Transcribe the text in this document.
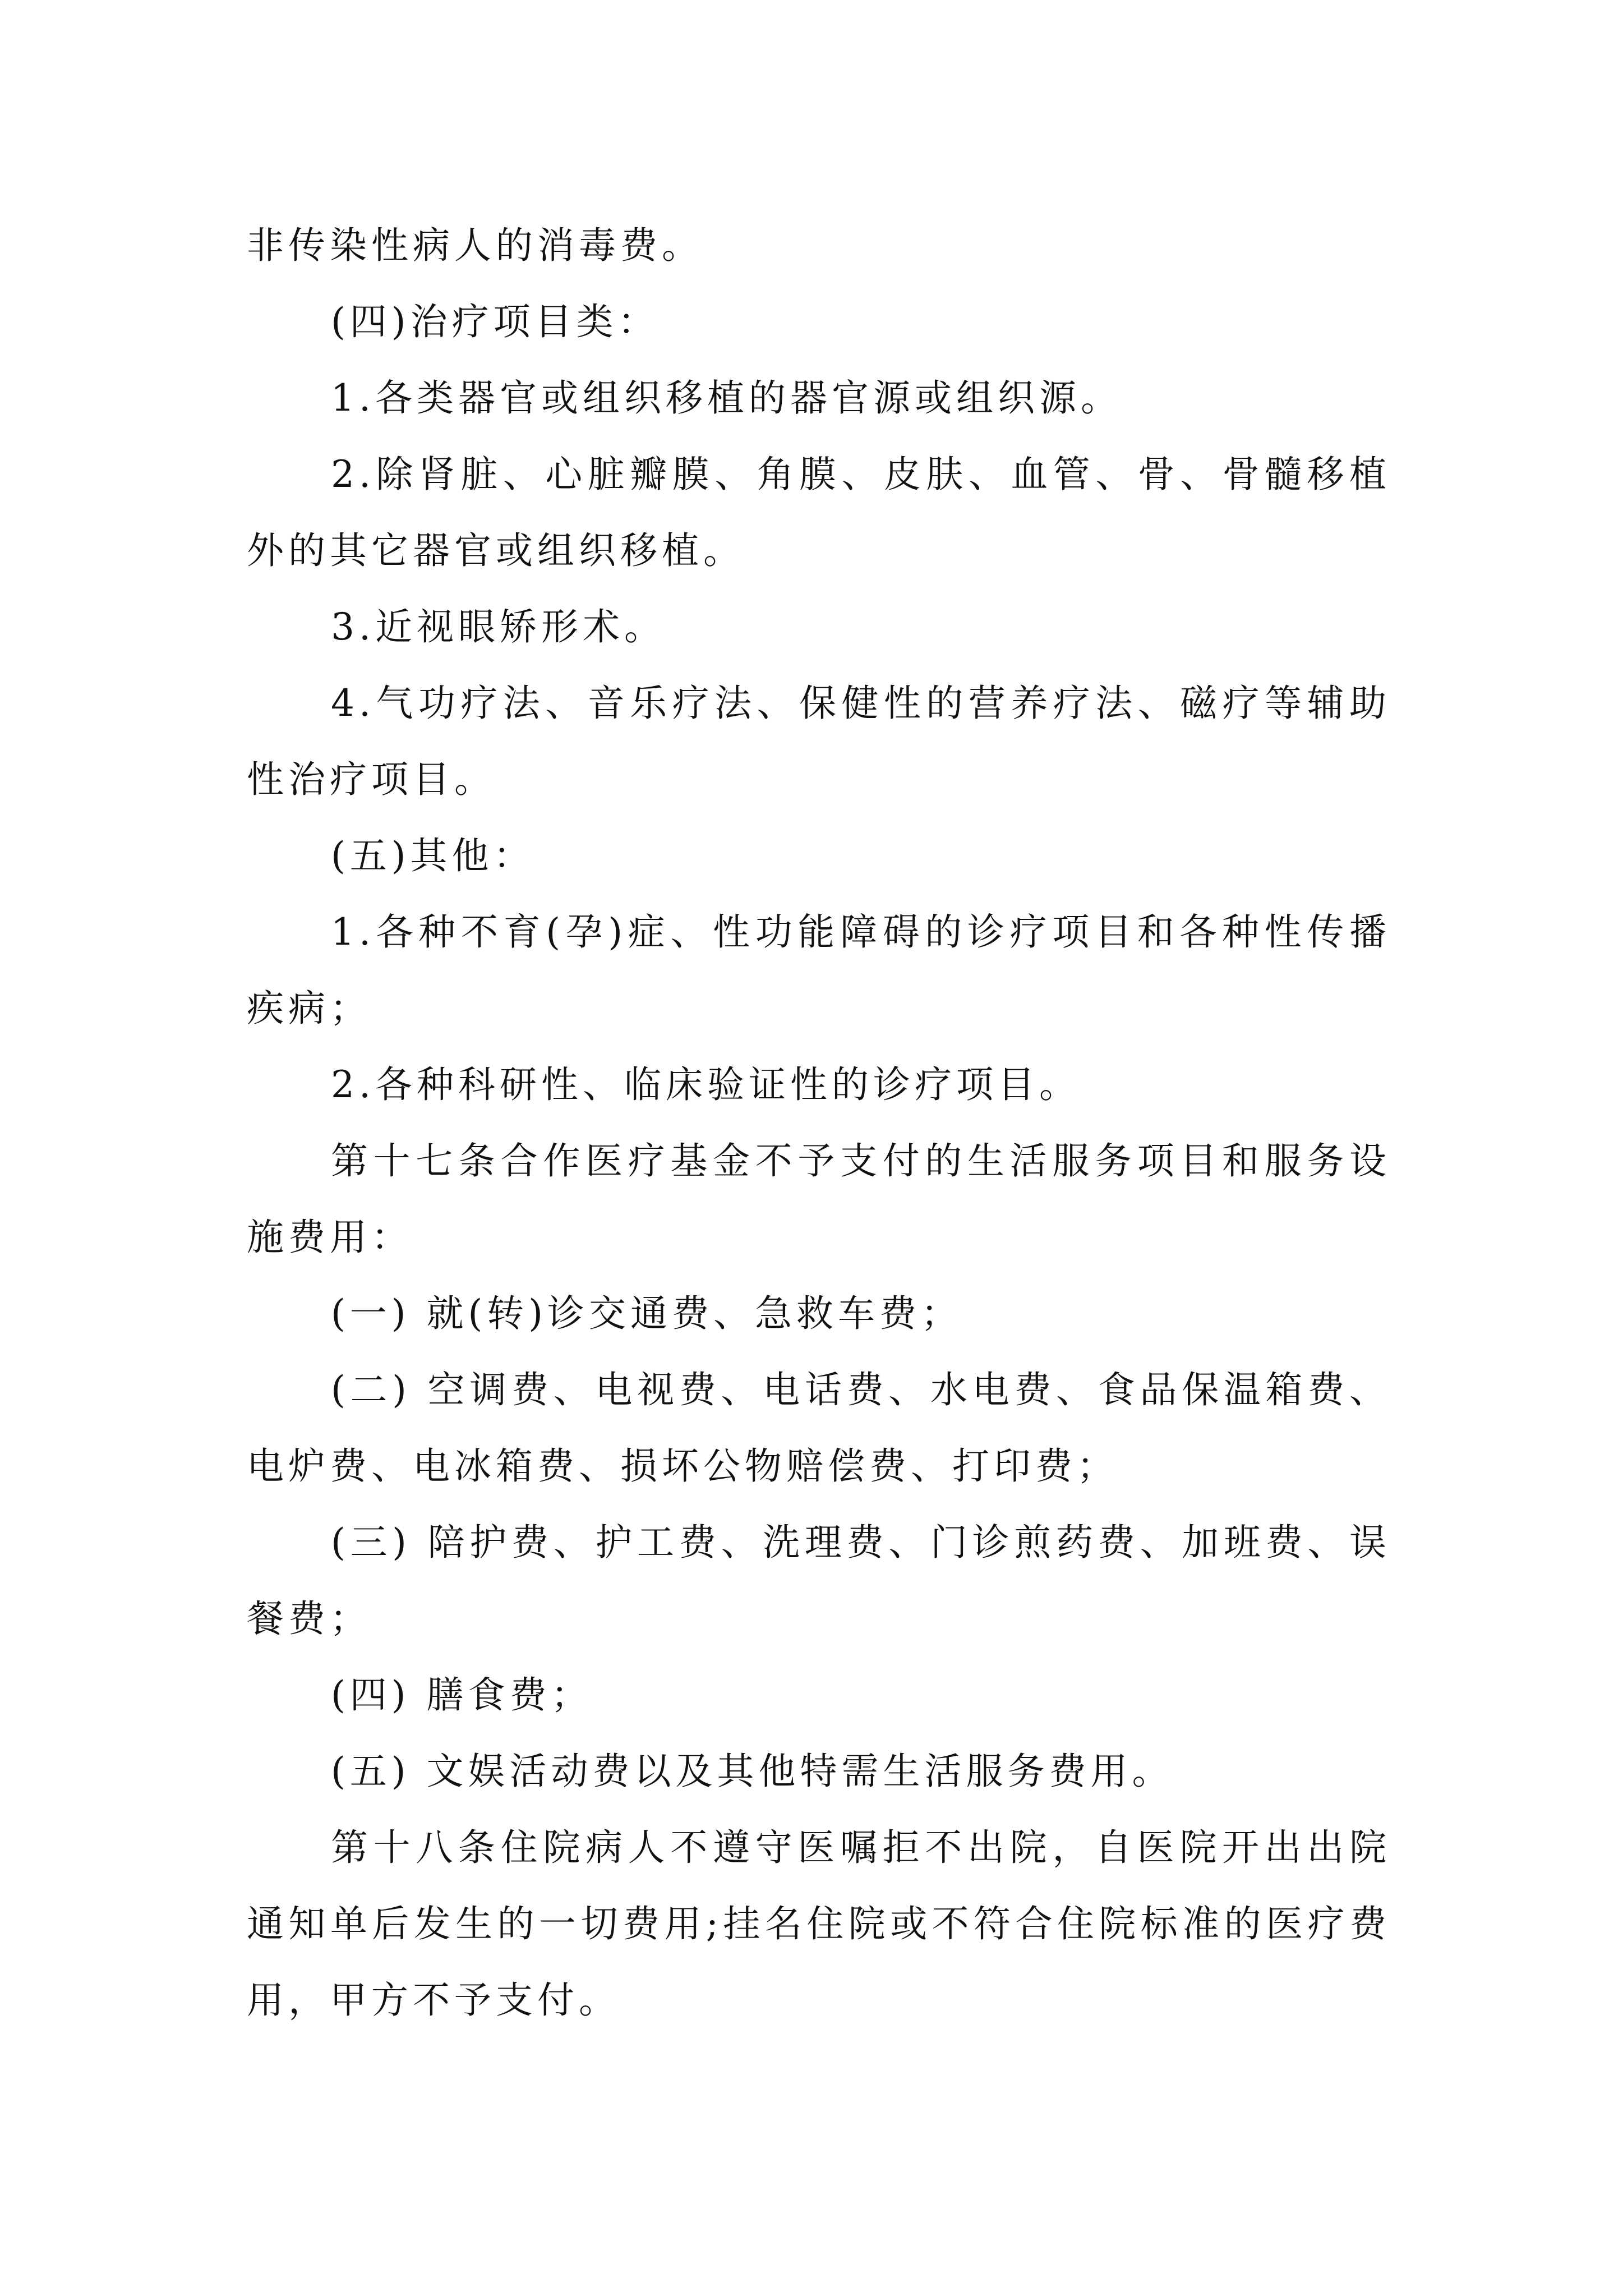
非传染性病人的消毒费。

(四)治疗项目类：

1.各类器官或组织移植的器官源或组织源。

2.除肾脏、心脏瓣膜、角膜、皮肤、血管、骨、骨髓移植外的其它器官或组织移植。

3.近视眼矫形术。

4.气功疗法、音乐疗法、保健性的营养疗法、磁疗等辅助性治疗项目。

(五)其他：

1.各种不育(孕)症、性功能障碍的诊疗项目和各种性传播疾病；

2.各种科研性、临床验证性的诊疗项目。

第十七条合作医疗基金不予支付的生活服务项目和服务设施费用：

(一) 就(转)诊交通费、急救车费；

(二) 空调费、电视费、电话费、水电费、食品保温箱费、电炉费、电冰箱费、损坏公物赔偿费、打印费；

(三) 陪护费、护工费、洗理费、门诊煎药费、加班费、误餐费；

(四) 膳食费；

(五) 文娱活动费以及其他特需生活服务费用。

第十八条住院病人不遵守医嘱拒不出院，自医院开出出院通知单后发生的一切费用;挂名住院或不符合住院标准的医疗费用，甲方不予支付。
